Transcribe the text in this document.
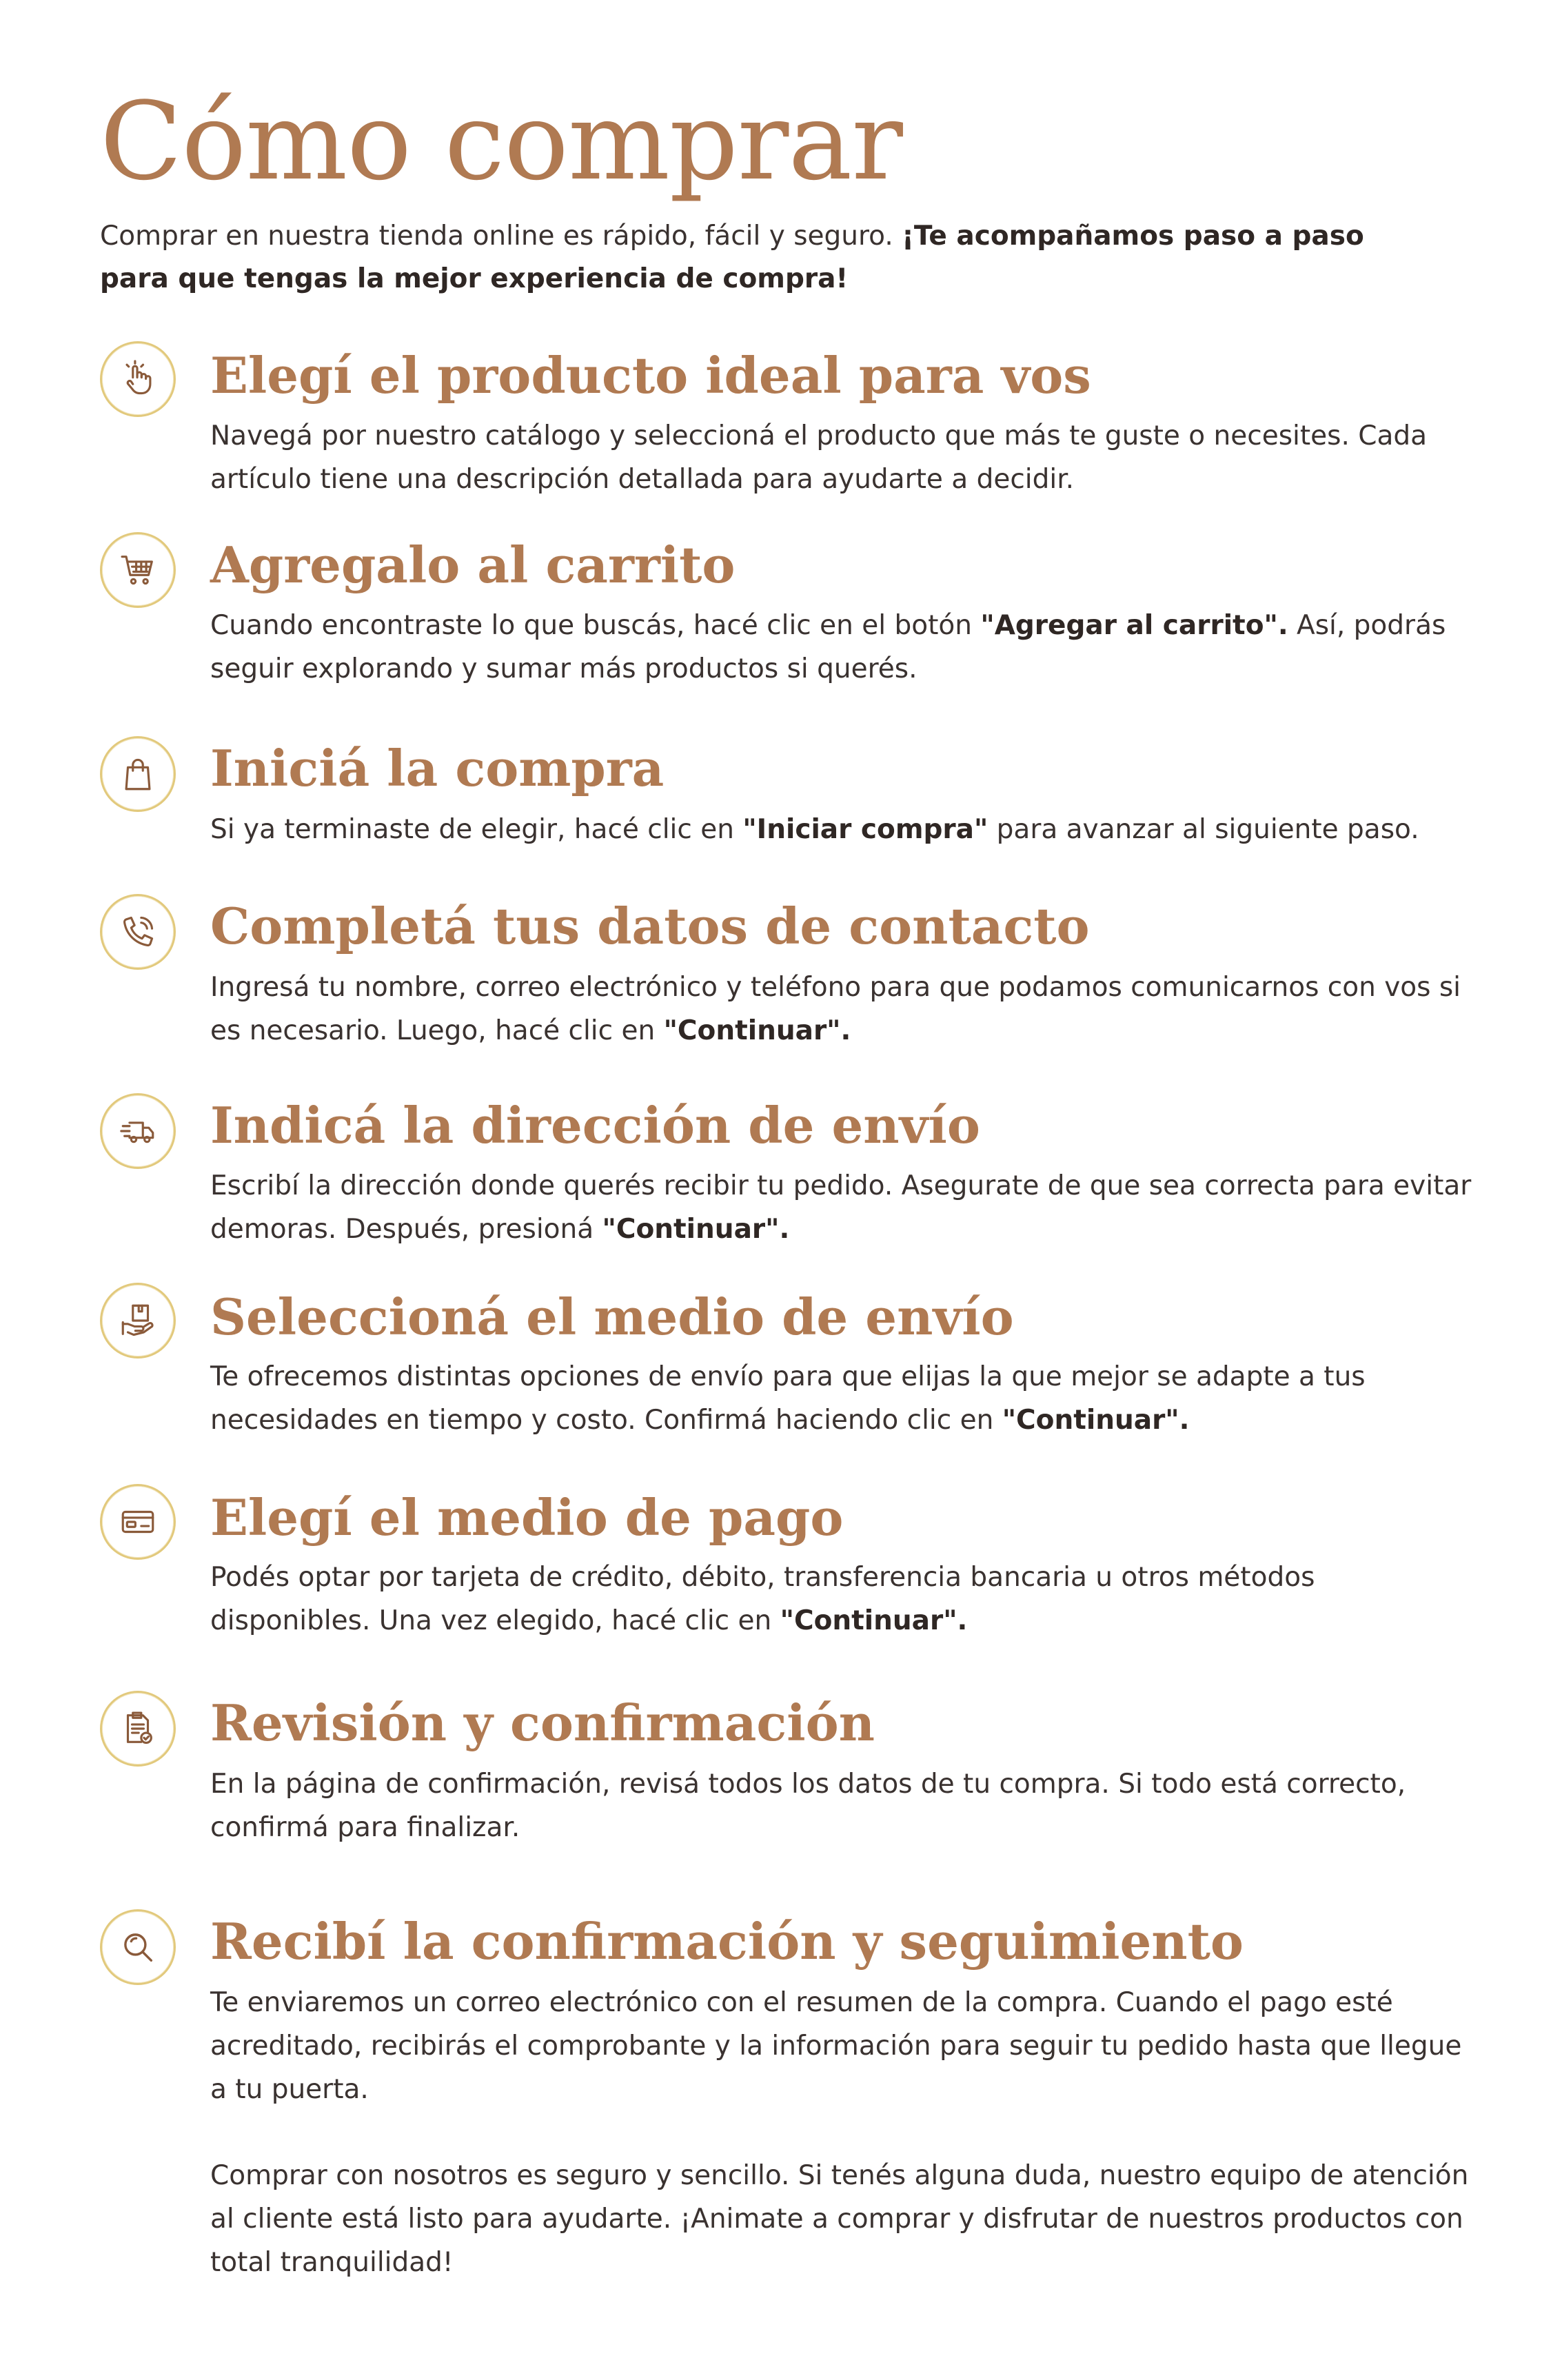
Cómo comprar

Comprar en nuestra tienda online es rápido, fácil y seguro. ¡Te acompañamos paso a paso para que tengas la mejor experiencia de compra!

Elegí el producto ideal para vos

Navegá por nuestro catálogo y seleccioná el producto que más te guste o necesites. Cada artículo tiene una descripción detallada para ayudarte a decidir.

Agregalo al carrito

Cuando encontraste lo que buscás, hacé clic en el botón "Agregar al carrito". Así, podrás seguir explorando y sumar más productos si querés.

Iniciá la compra

Si ya terminaste de elegir, hacé clic en "Iniciar compra" para avanzar al siguiente paso.

Completá tus datos de contacto

Ingresá tu nombre, correo electrónico y teléfono para que podamos comunicarnos con vos si es necesario. Luego, hacé clic en "Continuar".

Indicá la dirección de envío

Escribí la dirección donde querés recibir tu pedido. Asegurate de que sea correcta para evitar demoras. Después, presioná "Continuar".

Seleccioná el medio de envío

Te ofrecemos distintas opciones de envío para que elijas la que mejor se adapte a tus necesidades en tiempo y costo. Confirmá haciendo clic en "Continuar".

Elegí el medio de pago

Podés optar por tarjeta de crédito, débito, transferencia bancaria u otros métodos disponibles. Una vez elegido, hacé clic en "Continuar".

Revisión y confirmación

En la página de confirmación, revisá todos los datos de tu compra. Si todo está correcto, confirmá para finalizar.

Recibí la confirmación y seguimiento

Te enviaremos un correo electrónico con el resumen de la compra. Cuando el pago esté acreditado, recibirás el comprobante y la información para seguir tu pedido hasta que llegue a tu puerta.

Comprar con nosotros es seguro y sencillo. Si tenés alguna duda, nuestro equipo de atención al cliente está listo para ayudarte. ¡Animate a comprar y disfrutar de nuestros productos con total tranquilidad!
